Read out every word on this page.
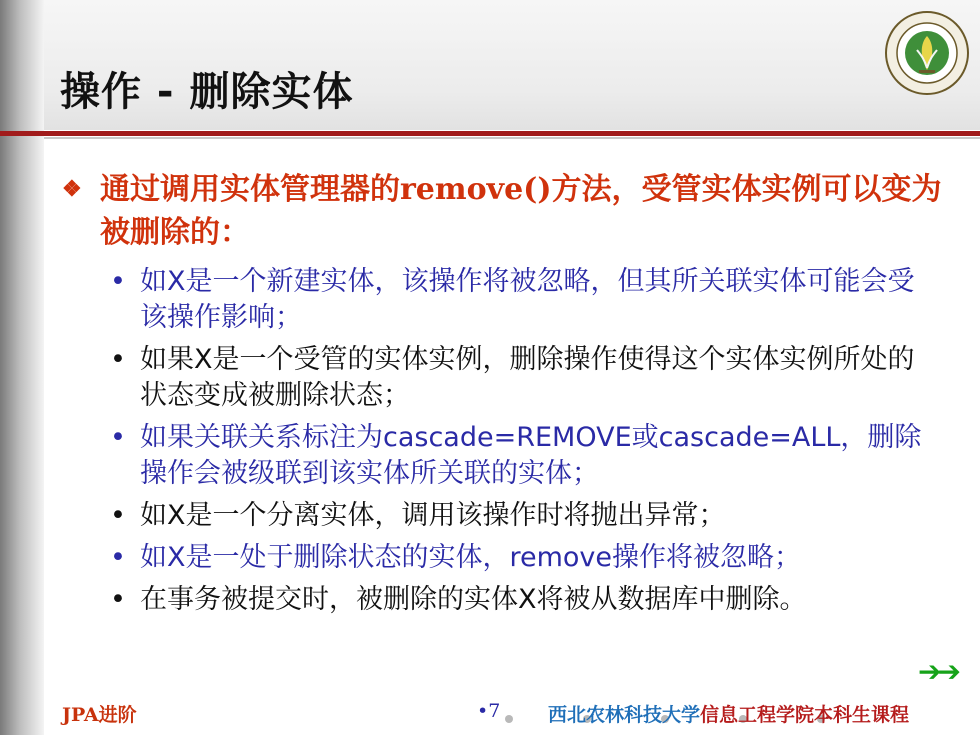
操作 - 删除实体
❖ 通过调用实体管理器的remove()方法，受管实体实例可以变为被删除的：
• 如X是一个新建实体，该操作将被忽略，但其所关联实体可能会受该操作影响；
• 如果X是一个受管的实体实例，删除操作使得这个实体实例所处的状态变成被删除状态；
• 如果关联关系标注为cascade=REMOVE或cascade=ALL，删除操作会被级联到该实体所关联的实体；
• 如X是一个分离实体，调用该操作时将抛出异常；
• 如X是一处于删除状态的实体，remove操作将被忽略；
• 在事务被提交时，被删除的实体X将被从数据库中删除。
➔➔
JPA进阶	•7	西北农林科技大学信息工程学院本科生课程
